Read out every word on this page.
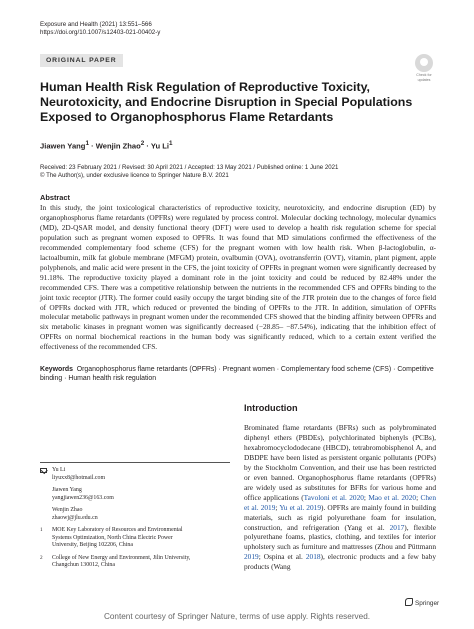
Exposure and Health (2021) 13:551–566
https://doi.org/10.1007/s12403-021-00402-y
ORIGINAL PAPER
Check for
updates
Human Health Risk Regulation of Reproductive Toxicity, Neurotoxicity, and Endocrine Disruption in Special Populations Exposed to Organophosphorus Flame Retardants
Jiawen Yang$^1$ · Wenjin Zhao$^2$ · Yu Li$^1$
Received: 23 February 2021 / Revised: 30 April 2021 / Accepted: 13 May 2021 / Published online: 1 June 2021
© The Author(s), under exclusive licence to Springer Nature B.V. 2021
Abstract

In this study, the joint toxicological characteristics of reproductive toxicity, neurotoxicity, and endocrine disruption (ED) by organophosphorus flame retardants (OPFRs) were regulated by process control. Molecular docking technology, molecular dynamics (MD), 2D-QSAR model, and density functional theory (DFT) were used to develop a health risk regulation scheme for special population such as pregnant women exposed to OPFRs. It was found that MD simulations confirmed the effectiveness of the recommended complementary food scheme (CFS) for the pregnant women with low health risk. When β-lactoglobulin, α-lactoalbumin, milk fat globule membrane (MFGM) protein, ovalbumin (OVA), ovotransferrin (OVT), vitamin, plant pigment, apple polyphenols, and malic acid were present in the CFS, the joint toxicity of OPFRs in pregnant women were significantly decreased by 91.18%. The reproductive toxicity played a dominant role in the joint toxicity and could be reduced by 82.48% under the recommended CFS. There was a competitive relationship between the nutrients in the recommended CFS and OPFRs binding to the joint toxic receptor (JTR). The former could easily occupy the target binding site of the JTR protein due to the changes of force field of OPFRs docked with JTR, which reduced or prevented the binding of OPFRs to the JTR. In addition, simulation of OPFRs molecular metabolic pathways in pregnant women under the recommended CFS showed that the binding affinity between OPFRs and six metabolic kinases in pregnant women was significantly decreased (−28.85– −87.54%), indicating that the inhibition effect of OPFRs on normal biochemical reactions in the human body was significantly reduced, which to a certain extent verified the effectiveness of the recommended CFS.

Keywords Organophosphorus flame retardants (OPFRs) · Pregnant women · Complementary food scheme (CFS) · Competitive binding · Human health risk regulation
Yu Li
liyuxx8@hotmail.com
Jiawen Yang
yangjiawen236@163.com
Wenjin Zhao
zhaowj@jlu.edu.cn
1 MOE Key Laboratory of Resources and Environmental
Systems Optimization, North China Electric Power
University, Beijing 102206, China
2 College of New Energy and Environment, Jilin University,
Changchun 130012, China
Introduction

Brominated flame retardants (BFRs) such as polybrominated diphenyl ethers (PBDEs), polychlorinated biphenyls (PCBs), hexabromocyclododecane (HBCD), tetrabromobisphenol A, and DBDPE have been listed as persistent organic pollutants (POPs) by the Stockholm Convention, and their use has been restricted or even banned. Organophosphorus flame retardants (OPFRs) are widely used as substitutes for BFRs for various home and office applications (Tavoloni et al. 2020; Mao et al. 2020; Chen et al. 2019; Yu et al. 2019). OPFRs are mainly found in building materials, such as rigid polyurethane foam for insulation, construction, and refrigeration (Yang et al. 2017), flexible polyurethane foams, plastics, clothing, and textiles for interior upholstery such as furniture and mattresses (Zhou and Püttmann 2019; Ospina et al. 2018), electronic products and a few baby products (Wang

Springer
Content courtesy of Springer Nature, terms of use apply. Rights reserved.
